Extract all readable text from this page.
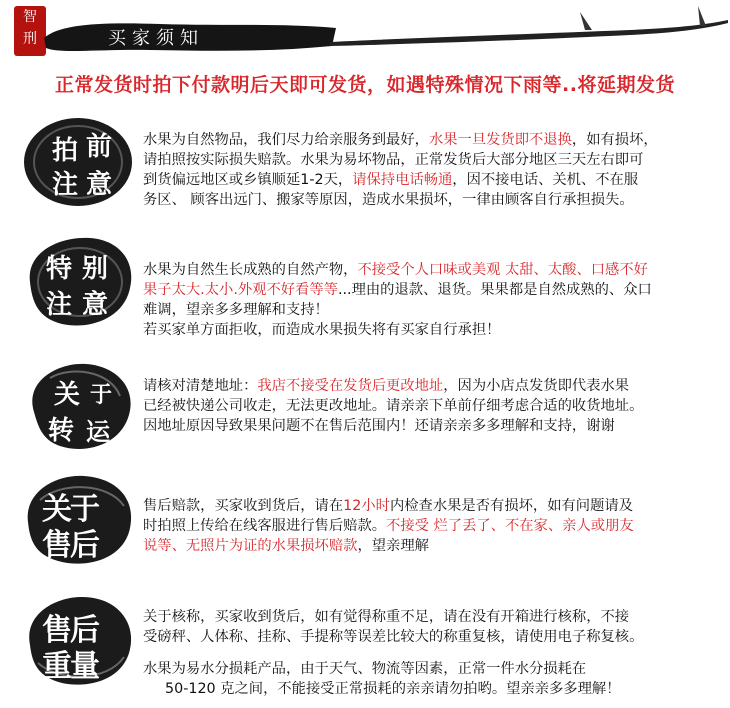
智
刑	买家须知
正常发货时拍下付款明后天即可发货，如遇特殊情况下雨等..将延期发货
拍 前
注 意

水果为自然物品，我们尽力给亲服务到最好，水果一旦发货即不退换，如有损坏，

请拍照按实际损失赔款。水果为易坏物品，正常发货后大部分地区三天左右即可

到货偏远地区或乡镇顺延1-2天，请保持电话畅通，因不接电话、关机、不在服

务区、 顾客出远门、搬家等原因，造成水果损坏，一律由顾客自行承担损失。

特 别
注 意

水果为自然生长成熟的自然产物，不接受个人口味或美观 太甜、太酸、口感不好

果子太大.太小.外观不好看等等...理由的退款、退货。果果都是自然成熟的、众口

难调，望亲多多理解和支持！

若买家单方面拒收，而造成水果损失将有买家自行承担！

关 于
转 运

请核对清楚地址：我店不接受在发货后更改地址，因为小店点发货即代表水果

已经被快递公司收走，无法更改地址。请亲亲下单前仔细考虑合适的收货地址。

因地址原因导致果果问题不在售后范围内！还请亲亲多多理解和支持，谢谢

关于
售后

售后赔款，买家收到货后，请在12小时内检查水果是否有损坏，如有问题请及

时拍照上传给在线客服进行售后赔款。不接受 烂了丢了、不在家、亲人或朋友

说等、无照片为证的水果损坏赔款，望亲理解

售后
重量

关于核称，买家收到货后，如有觉得称重不足，请在没有开箱进行核称，不接

受磅秤、人体称、挂称、手提称等误差比较大的称重复核，请使用电子称复核。

水果为易水分损耗产品，由于天气、物流等因素，正常一件水分损耗在

50-120 克之间，不能接受正常损耗的亲亲请勿拍哟。望亲亲多多理解！
